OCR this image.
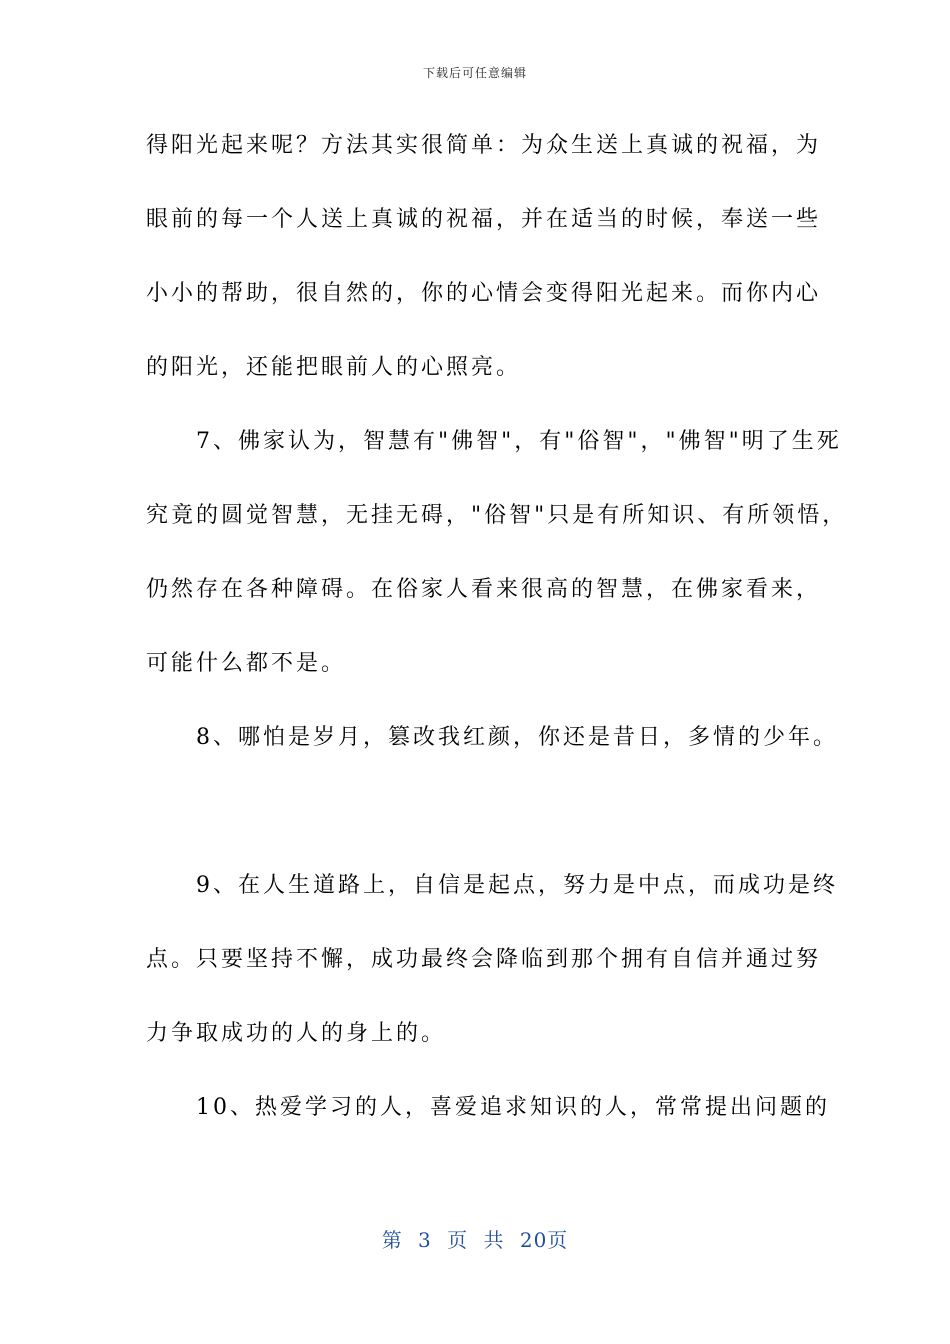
下载后可任意编辑
得阳光起来呢？方法其实很简单：为众生送上真诚的祝福，为
眼前的每一个人送上真诚的祝福，并在适当的时候，奉送一些
小小的帮助，很自然的，你的心情会变得阳光起来。而你内心
的阳光，还能把眼前人的心照亮。
　　7、佛家认为，智慧有"佛智"，有"俗智"，"佛智"明了生死
究竟的圆觉智慧，无挂无碍，"俗智"只是有所知识、有所领悟，
仍然存在各种障碍。在俗家人看来很高的智慧，在佛家看来，
可能什么都不是。
　　8、哪怕是岁月，篡改我红颜，你还是昔日，多情的少年。
　　9、在人生道路上，自信是起点，努力是中点，而成功是终
点。只要坚持不懈，成功最终会降临到那个拥有自信并通过努
力争取成功的人的身上的。
　　10、热爱学习的人，喜爱追求知识的人，常常提出问题的
第 3 页 共 20页
